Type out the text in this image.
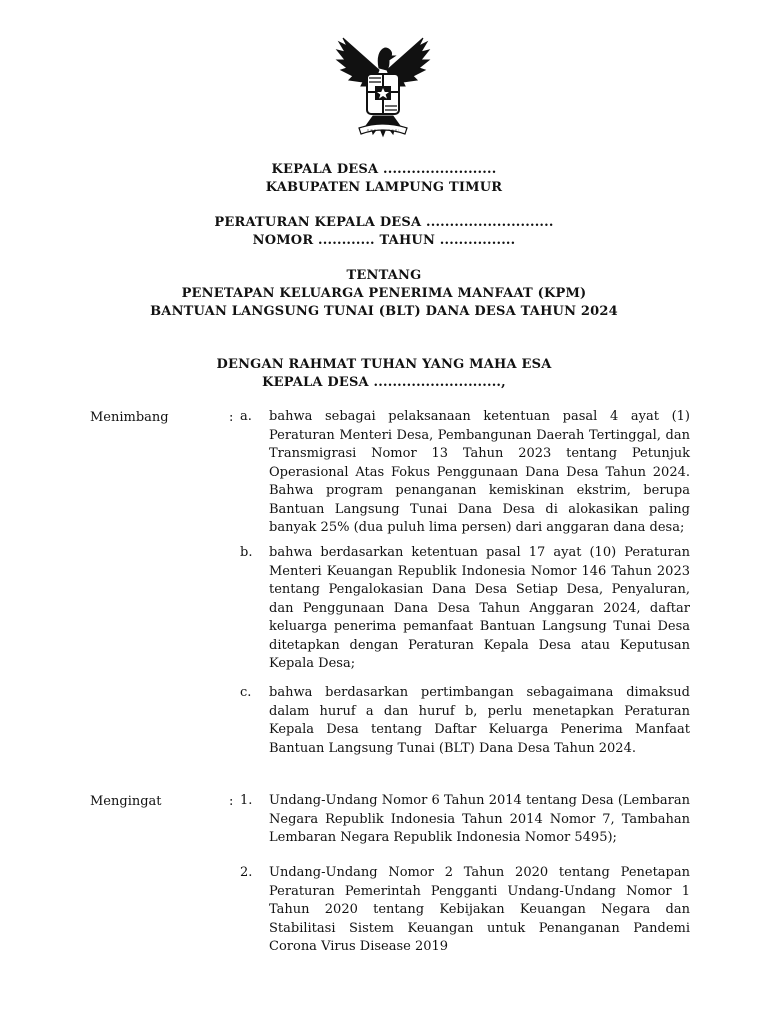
KEPALA DESA ........................
KABUPATEN LAMPUNG TIMUR
PERATURAN KEPALA DESA ...........................
NOMOR ............ TAHUN ................
TENTANG
PENETAPAN KELUARGA PENERIMA MANFAAT (KPM)
BANTUAN LANGSUNG TUNAI (BLT) DANA DESA TAHUN 2024
DENGAN RAHMAT TUHAN YANG MAHA ESA
KEPALA DESA ...........................,
Menimbang	: a.	bahwa sebagai pelaksanaan ketentuan pasal 4 ayat (1) Peraturan Menteri Desa, Pembangunan Daerah Tertinggal, dan Transmigrasi Nomor 13 Tahun 2023 tentang Petunjuk Operasional Atas Fokus Penggunaan Dana Desa Tahun 2024. Bahwa program penanganan kemiskinan ekstrim, berupa Bantuan Langsung Tunai Dana Desa di alokasikan paling banyak 25% (dua puluh lima persen) dari anggaran dana desa;
b.	bahwa berdasarkan ketentuan pasal 17 ayat (10) Peraturan Menteri Keuangan Republik Indonesia Nomor 146 Tahun 2023 tentang Pengalokasian Dana Desa Setiap Desa, Penyaluran, dan Penggunaan Dana Desa Tahun Anggaran 2024, daftar keluarga penerima pemanfaat Bantuan Langsung Tunai Desa ditetapkan dengan Peraturan Kepala Desa atau Keputusan Kepala Desa;
c.	bahwa berdasarkan pertimbangan sebagaimana dimaksud dalam huruf a dan huruf b, perlu menetapkan Peraturan Kepala Desa tentang Daftar Keluarga Penerima Manfaat Bantuan Langsung Tunai (BLT) Dana Desa Tahun 2024.
Mengingat	: 1.	Undang-Undang Nomor 6 Tahun 2014 tentang Desa (Lembaran Negara Republik Indonesia Tahun 2014 Nomor 7, Tambahan Lembaran Negara Republik Indonesia Nomor 5495);
2.	Undang-Undang Nomor 2 Tahun 2020 tentang Penetapan Peraturan Pemerintah Pengganti Undang-Undang Nomor 1 Tahun 2020 tentang Kebijakan Keuangan Negara dan Stabilitasi Sistem Keuangan untuk Penanganan Pandemi Corona Virus Disease 2019
